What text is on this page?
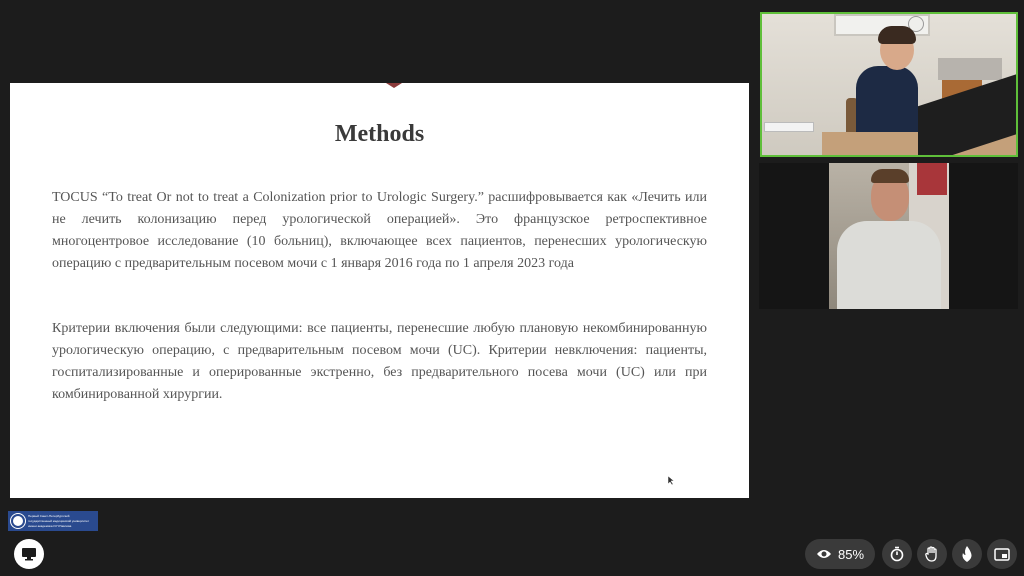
Methods

TOCUS “To treat Or not to treat a Colonization prior to Urologic Surgery.” расшифровывается как «Лечить или не лечить колонизацию перед урологической операцией». Это французское ретроспективное многоцентровое исследование (10 больниц), включающее всех пациентов, перенесших урологическую операцию с предварительным посевом мочи с 1 января 2016 года по 1 апреля 2023 года

Критерии включения были следующими: все пациенты, перенесшие любую плановую некомбинированную урологическую операцию, с предварительным посевом мочи (UC). Критерии невключения: пациенты, госпитализированные и оперированные экстренно, без предварительного посева мочи (UC) или при комбинированной хирургии.

Первый Санкт-Петербургский
государственный медицинский университет
имени академика И.П.Павлова
85%
